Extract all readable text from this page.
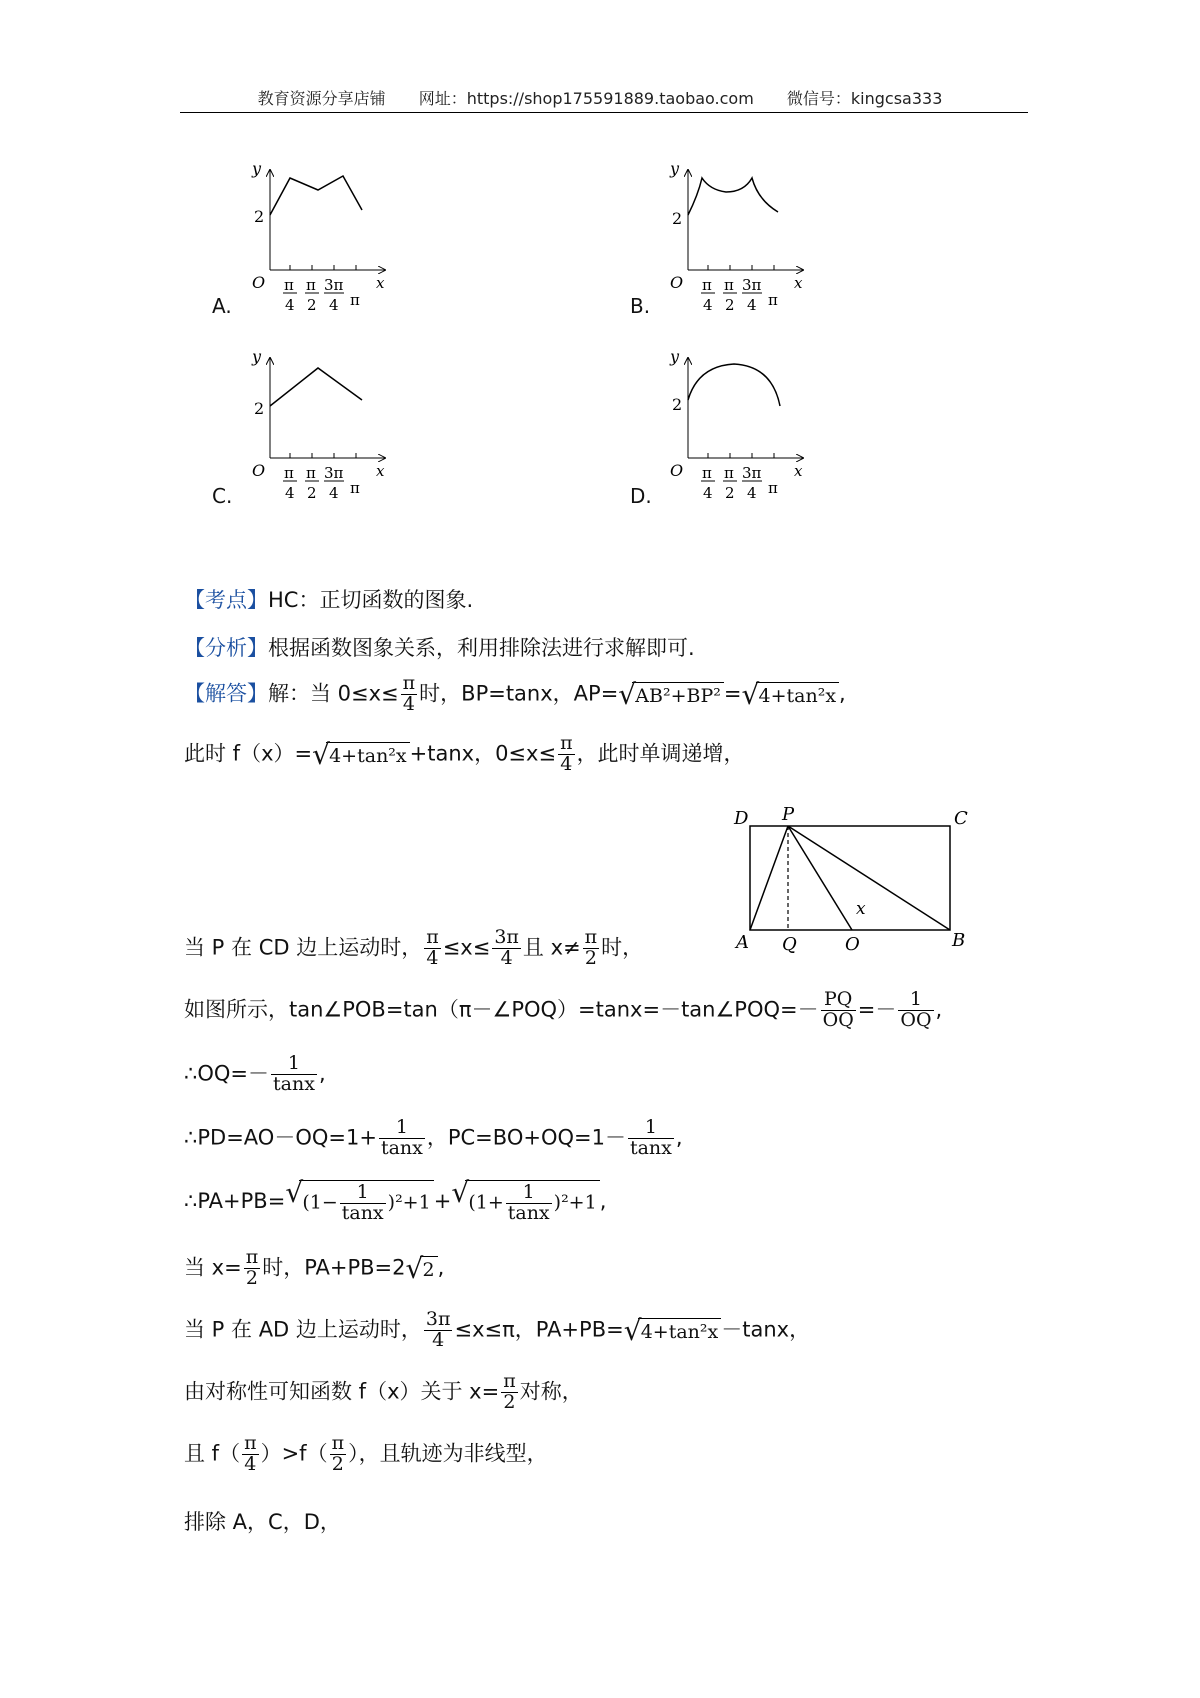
教育资源分享店铺 网址：https://shop175591889.taobao.com 微信号：kingcsa333
A.	B.
C.	D.
y
2
O	x
π
4
π
2
3π
4 π
y
2
O	x
π
4
π
2
3π
4 π
y
2
O	x
π
4
π
2
3π
4 π
y
2
O	x
π
4
π
2
3π
4 π
【考点】HC：正切函数的图象.
【分析】根据函数图象关系，利用排除法进行求解即可.
【解答】解：当 $0\le x\le \frac{\pi}{4}$ 时，BP=tanx，AP= √ AB²+BP² = √ 4+tan²x ,
此时 f（x）= √ 4+tan²x +tanx，$0\le x\le \frac{\pi}{4}$ ，此时单调递增，
D P	C
A Q	O	B
x
当 P 在 CD 边上运动时， $\frac{\pi}{4} \le x\le \frac{3\pi}{4}$ 且 $x\ne \frac{\pi}{2}$ 时，
如图所示，tan∠POB=tan（π－∠POQ）=tanx=－tan∠POQ=－ $\frac{PQ}{OQ} =- \frac{1}{OQ}$ ,
∴OQ=－ $\frac{1}{\tan x}$ ,
∴PD=AO－OQ=1+ $\frac{1}{\tan x}$ ，$PC=BO+OQ=1- \frac{1}{\tan x}$ ,
∴PA+PB= √ $(1- \frac{1}{\tan x} )^2+1$ + √ $(1+ \frac{1}{\tan x} )^2+1$ ,
当 $x= \frac{\pi}{2}$ 时，PA+PB=2 √ 2 ,
当 P 在 AD 边上运动时， $\frac{3\pi}{4} \le x\le\pi$，PA+PB= √ 4+tan²x －tanx，
由对称性可知函数 f（x）关于 $x= \frac{\pi}{2}$ 对称，
且 $f( \frac{\pi}{4} )>f( \frac{\pi}{2}$ ），且轨迹为非线型，
排除 A，C，D，
